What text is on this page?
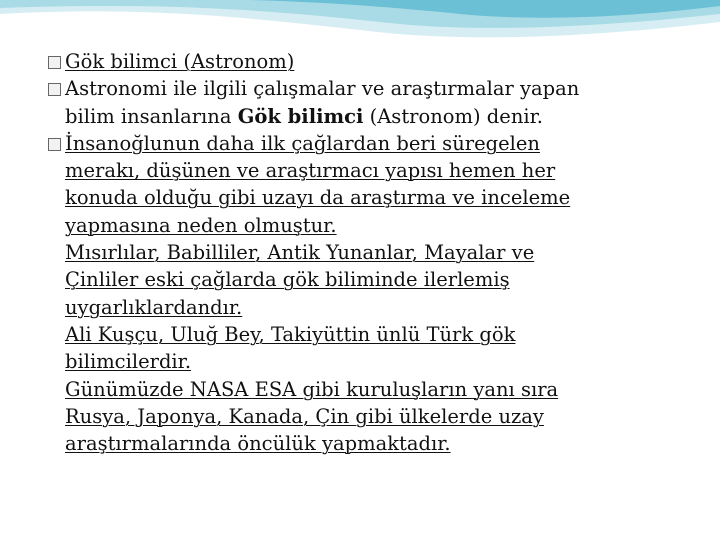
Gök bilimci (Astronom)
Astronomi ile ilgili çalışmalar ve araştırmalar yapan
bilim insanlarına Gök bilimci (Astronom) denir.
İnsanoğlunun daha ilk çağlardan beri süregelen
merakı, düşünen ve araştırmacı yapısı hemen her
konuda olduğu gibi uzayı da araştırma ve inceleme
yapmasına neden olmuştur.
Mısırlılar, Babilliler, Antik Yunanlar, Mayalar ve
Çinliler eski çağlarda gök biliminde ilerlemiş
uygarlıklardandır.
Ali Kuşçu, Uluğ Bey, Takiyüttin ünlü Türk gök
bilimcilerdir.
Günümüzde NASA ESA gibi kuruluşların yanı sıra
Rusya, Japonya, Kanada, Çin gibi ülkelerde uzay
araştırmalarında öncülük yapmaktadır.
